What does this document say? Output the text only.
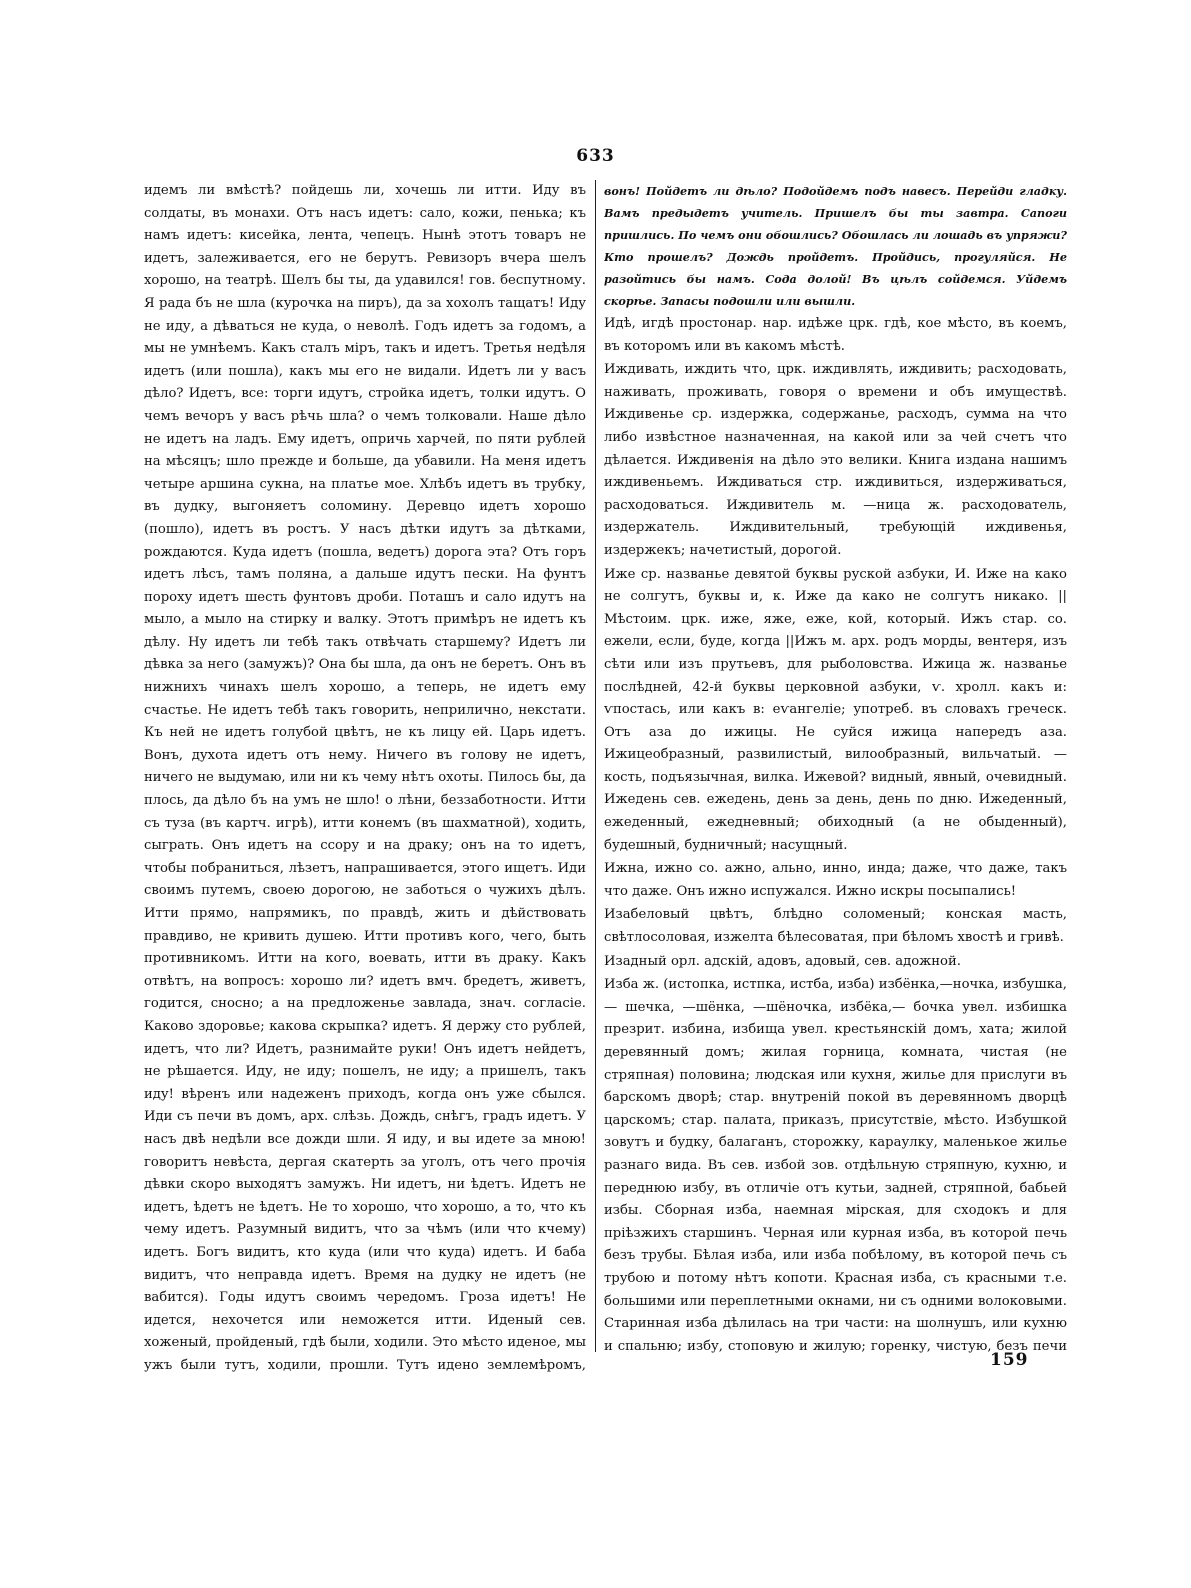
633

идемъ ли вмѣстѣ? пойдешь ли, хочешь ли итти. Иду въ солдаты, въ монахи. Отъ насъ идетъ: сало, кожи, пенька; къ намъ идетъ: кисейка, лента, чепецъ. Нынѣ этотъ товаръ не идетъ, залеживается, его не берутъ. Ревизоръ вчера шелъ хорошо, на театрѣ. Шелъ бы ты, да удавился! гов. беспутному. Я рада бъ не шла (курочка на пиръ), да за хохолъ тащатъ! Иду не иду, а дѣваться не куда, о неволѣ. Годъ идетъ за годомъ, а мы не умнѣемъ. Какъ сталъ міръ, такъ и идетъ. Третья недѣля идетъ (или пошла), какъ мы его не видали. Идетъ ли у васъ дѣло? Идетъ, все: торги идутъ, стройка идетъ, толки идутъ. О чемъ вечоръ у васъ рѣчь шла? о чемъ толковали. Наше дѣло не идетъ на ладъ. Ему идетъ, опричь харчей, по пяти рублей на мѣсяцъ; шло прежде и больше, да убавили. На меня идетъ четыре аршина сукна, на платье мое. Хлѣбъ идетъ въ трубку, въ дудку, выгоняетъ соломину. Деревцо идетъ хорошо (пошло), идетъ въ ростъ. У насъ дѣтки идутъ за дѣтками, рождаются. Куда идетъ (пошла, ведетъ) дорога эта? Отъ горъ идетъ лѣсъ, тамъ поляна, а дальше идутъ пески. На фунтъ пороху идетъ шесть фунтовъ дроби. Поташъ и сало идутъ на мыло, а мыло на стирку и валку. Этотъ примѣръ не идетъ къ дѣлу. Ну идетъ ли тебѣ такъ отвѣчать старшему? Идетъ ли дѣвка за него (замужъ)? Она бы шла, да онъ не беретъ. Онъ въ нижнихъ чинахъ шелъ хорошо, а теперь, не идетъ ему счастье. Не идетъ тебѣ такъ говорить, неприлично, некстати. Къ ней не идетъ голубой цвѣтъ, не къ лицу ей. Царь идетъ. Вонъ, духота идетъ отъ нему. Ничего въ голову не идетъ, ничего не выдумаю, или ни къ чему нѣтъ охоты. Пилось бы, да плось, да дѣло бъ на умъ не шло! о лѣни, беззаботности. Итти съ туза (въ картч. игрѣ), итти конемъ (въ шахматной), ходить, сыграть. Онъ идетъ на ссору и на драку; онъ на то идетъ, чтобы побраниться, лѣзетъ, напрашивается, этого ищетъ. Иди своимъ путемъ, своею дорогою, не заботься о чужихъ дѣлъ. Итти прямо, напрямикъ, по правдѣ, жить и дѣйствовать правдиво, не кривить душею. Итти противъ кого, чего, быть противникомъ. Итти на кого, воевать, итти въ драку. Какъ отвѣтъ, на вопросъ: хорошо ли? идетъ вмч. бредетъ, живетъ, годится, сносно; а на предложенье завлада, знач. согласіе. Каково здоровье; какова скрыпка? идетъ. Я держу сто рублей, идетъ, что ли? Идетъ, разнимайте руки! Онъ идетъ нейдетъ, не рѣшается. Иду, не иду; пошелъ, не иду; а пришелъ, такъ иду! вѣренъ или надеженъ приходъ, когда онъ уже сбылся. Иди съ печи въ домъ, арх. слѣзь. Дождь, снѣгъ, градъ идетъ. У насъ двѣ недѣли все дожди шли. Я иду, и вы идете за мною! говоритъ невѣста, дергая скатерть за уголъ, отъ чего прочія дѣвки скоро выходятъ замужъ. Ни идетъ, ни ѣдетъ. Идетъ не идетъ, ѣдетъ не ѣдетъ. Не то хорошо, что хорошо, а то, что къ чему идетъ. Разумный видитъ, что за чѣмъ (или что кчему) идетъ. Богъ видитъ, кто куда (или что куда) идетъ. И баба видитъ, что неправда идетъ. Время на дудку не идетъ (не вабится). Годы идутъ своимъ чередомъ. Гроза идетъ! Не идется, нехочется или неможется итти. Иденый сев. хоженый, пройденый, гдѣ были, ходили. Это мѣсто иденое, мы ужъ были тутъ, ходили, прошли. Тутъ идено землемѣромъ,

вонъ! Пойдетъ ли дѣло? Подойдемъ подъ навесъ. Перейди гладку. Вамъ предыдетъ учитель. Пришелъ бы ты завтра. Сапоги пришлись. По чемъ они обошлись? Обошлась ли лошадь въ упряжи? Кто прошелъ? Дождь пройдетъ. Пройдись, прогуляйся. Не разойтись бы намъ. Сода долой! Въ цѣлъ сойдемся. Уйдемъ скорѣе. Запасы подошли или вышли.

Идѣ, игдѣ простонар. нар. идѣже црк. гдѣ, кое мѣсто, въ коемъ, въ которомъ или въ какомъ мѣстѣ.

Иждивать, иждить что, црк. иждивлять, иждивить; расходовать, наживать, проживать, говоря о времени и объ имуществѣ. Иждивенье ср. издержка, содержанье, расходъ, сумма на что либо извѣстное назначенная, на какой или за чей счетъ что дѣлается. Иждивенія на дѣло это велики. Книга издана нашимъ иждивеньемъ. Иждиваться стр. иждивиться, издерживаться, расходоваться. Иждивитель м. —ница ж. расходователь, издержатель. Иждивительный, требующій иждивенья, издержекъ; начетистый, дорогой.

Иже ср. названье девятой буквы руской азбуки, И. Иже на како не солгутъ, буквы и, к. Иже да како не солгутъ никако. ||Мѣстоим. црк. иже, яже, еже, кой, который. Ижъ стар. со. ежели, если, буде, когда ||Ижъ м. арх. родъ морды, вентеря, изъ сѣти или изъ прутьевъ, для рыболовства. Ижица ж. названье послѣдней, 42-й буквы церковной азбуки, ѵ. хролл. какъ и: ѵпостась, или какъ в: еѵангеліе; употреб. въ словахъ греческ. Отъ аза до ижицы. Не суйся ижица напередъ аза. Ижицеобразный, развилистый, вилообразный, вильчатый. —кость, подъязычная, вилка. Ижевой? видный, явный, очевидный. Ижедень сев. ежедень, день за день, день по дню. Ижеденный, ежеденный, ежедневный; обиходный (а не обыденный), будешный, будничный; насущный.

Ижна, ижно со. ажно, ально, инно, инда; даже, что даже, такъ что даже. Онъ ижно испужался. Ижно искры посыпались!

Изабеловый цвѣтъ, блѣдно соломеный; конская масть, свѣтлосоловая, изжелта бѣлесоватая, при бѣломъ хвостѣ и гривѣ.

Изадный орл. адскій, адовъ, адовый, сев. адожной.

Изба ж. (истопка, истпка, истба, изба) избёнка,—ночка, избушка, — шечка, —шёнка, —шёночка, избёка,— бочка увел. избишка презрит. избина, избища увел. крестьянскій домъ, хата; жилой деревянный домъ; жилая горница, комната, чистая (не стряпная) половина; людская или кухня, жилье для прислуги въ барскомъ дворѣ; стар. внутреній покой въ деревянномъ дворцѣ царскомъ; стар. палата, приказъ, присутствіе, мѣсто. Избушкой зовутъ и будку, балаганъ, сторожку, караулку, маленькое жилье разнаго вида. Въ сев. избой зов. отдѣльную стряпную, кухню, и переднюю избу, въ отличіе отъ кутьи, задней, стряпной, бабьей избы. Сборная изба, наемная мірская, для сходокъ и для пріѣзжихъ старшинъ. Черная или курная изба, въ которой печь безъ трубы. Бѣлая изба, или изба побѣлому, въ которой печь съ трубою и потому нѣтъ копоти. Красная изба, съ красными т.е. большими или переплетными окнами, ни съ одними волоковыми. Старинная изба дѣлилась на три части: на шолнушъ, или кухню и спальню; избу, стоповую и жилую; горенку, чистую, безъ печи

159
